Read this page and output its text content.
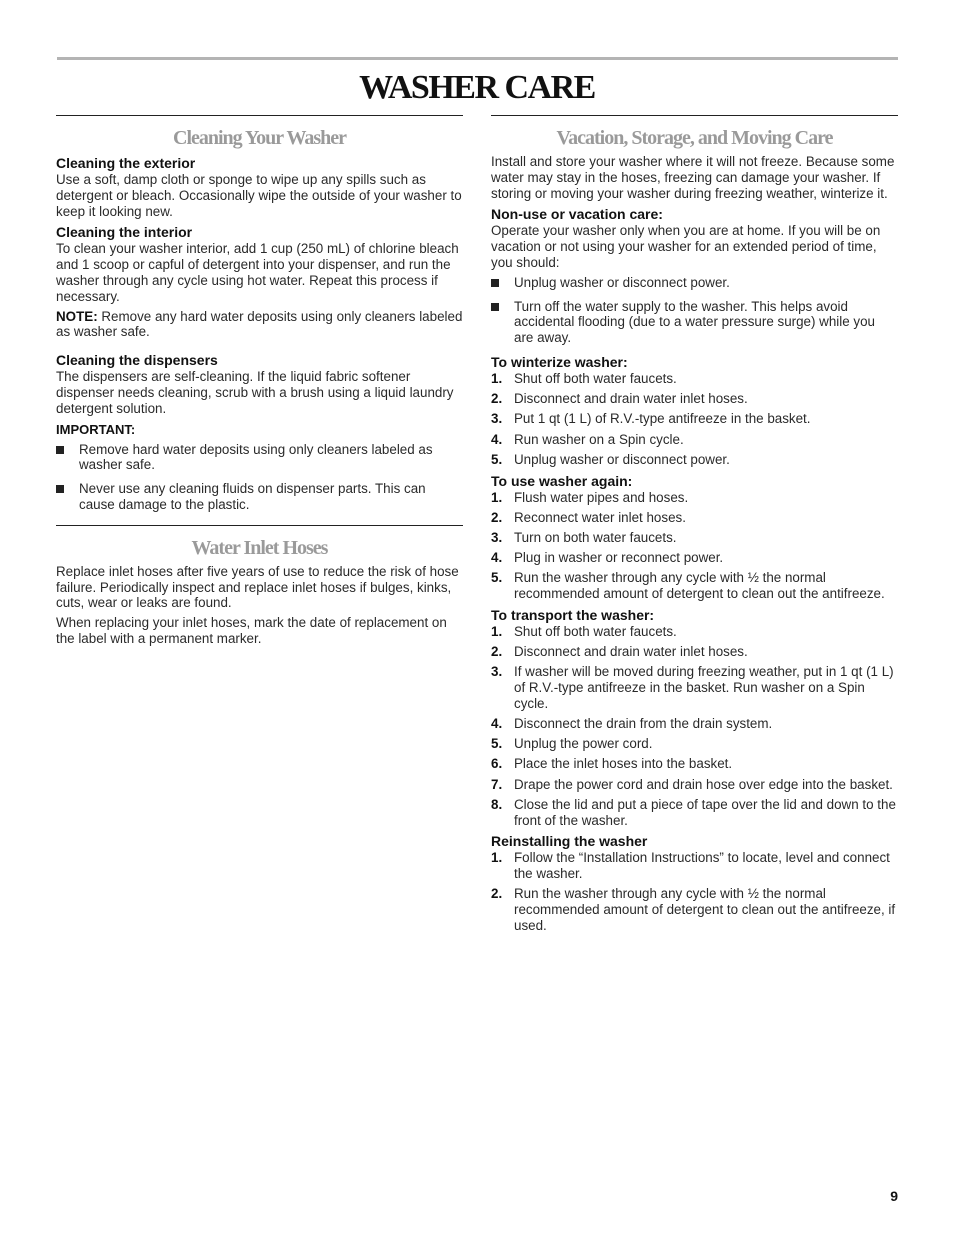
WASHER CARE
Cleaning Your Washer
Cleaning the exterior

Use a soft, damp cloth or sponge to wipe up any spills such as detergent or bleach. Occasionally wipe the outside of your washer to keep it looking new.

Cleaning the interior

To clean your washer interior, add 1 cup (250 mL) of chlorine bleach and 1 scoop or capful of detergent into your dispenser, and run the washer through any cycle using hot water. Repeat this process if necessary.

NOTE: Remove any hard water deposits using only cleaners labeled as washer safe.

Cleaning the dispensers

The dispensers are self-cleaning. If the liquid fabric softener dispenser needs cleaning, scrub with a brush using a liquid laundry detergent solution.

IMPORTANT:
Remove hard water deposits using only cleaners labeled as washer safe.
Never use any cleaning fluids on dispenser parts. This can cause damage to the plastic.
Water Inlet Hoses

Replace inlet hoses after five years of use to reduce the risk of hose failure. Periodically inspect and replace inlet hoses if bulges, kinks, cuts, wear or leaks are found.

When replacing your inlet hoses, mark the date of replacement on the label with a permanent marker.

Vacation, Storage, and Moving Care

Install and store your washer where it will not freeze. Because some water may stay in the hoses, freezing can damage your washer. If storing or moving your washer during freezing weather, winterize it.

Non-use or vacation care:

Operate your washer only when you are at home. If you will be on vacation or not using your washer for an extended period of time, you should:

Unplug washer or disconnect power.
Turn off the water supply to the washer. This helps avoid accidental flooding (due to a water pressure surge) while you are away.
To winterize washer:
1. Shut off both water faucets.
2. Disconnect and drain water inlet hoses.
3. Put 1 qt (1 L) of R.V.-type antifreeze in the basket.
4. Run washer on a Spin cycle.
5. Unplug washer or disconnect power.
To use washer again:
1. Flush water pipes and hoses.
2. Reconnect water inlet hoses.
3. Turn on both water faucets.
4. Plug in washer or reconnect power.
5. Run the washer through any cycle with ½ the normal recommended amount of detergent to clean out the antifreeze.
To transport the washer:
1. Shut off both water faucets.
2. Disconnect and drain water inlet hoses.
3. If washer will be moved during freezing weather, put in 1 qt (1 L) of R.V.-type antifreeze in the basket. Run washer on a Spin cycle.
4. Disconnect the drain from the drain system.
5. Unplug the power cord.
6. Place the inlet hoses into the basket.
7. Drape the power cord and drain hose over edge into the basket.
8. Close the lid and put a piece of tape over the lid and down to the front of the washer.
Reinstalling the washer
1. Follow the “Installation Instructions” to locate, level and connect the washer.
2. Run the washer through any cycle with ½ the normal recommended amount of detergent to clean out the antifreeze, if used.
9
